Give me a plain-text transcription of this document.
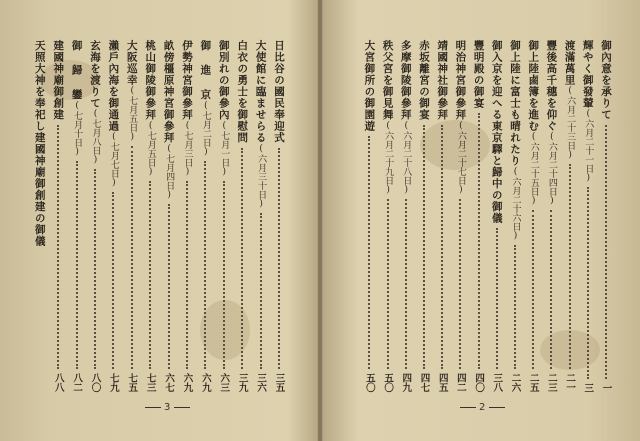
3
日比谷の國民奉迎式
三五
大使館に臨ませらる
(六月三十日)
三六
白衣の勇士を御慰問
三九
御別れの御參內
(七月一日)
六三
御 進 京
(七月二日)
六九
伊勢神宮御參拜
(七月三日)
六九
畝傍橿原神宮御參拜
(七月四日)
六七
桃山御陵御參拜
(七月五日)
七三
大阪巡幸
(七月五日)
七五
瀨戶內海を御通過
(七月七日)
七九
玄海を渡りて
(七月八日)
八〇
御 歸 鑾
(七月十日)
八二
建國神廟御創建
八八
天照大神を奉祀し建國神廟御創建の御儀
2
御內意を承りて
一
輝やく御發輦
(六月二十一日)
三
渡滿萬里
(六月二十三日)
二一
豐後高千穗を仰ぐ
(六月二十四日)
二三
御上陸鹵簿を進む
(六月二十五日)
二五
御上陸に富士も晴れたり
(六月二十六日)
二六
御入京を迎へる東京驛と歸中の御儀
三八
豐明殿の御宴
四〇
明治神宮御參拜
(六月二十七日)
四二
靖國神社御參拜
四五
赤坂離宮の御宴
四七
多摩御陵御參拜
(六月二十八日)
四九
秩父宮を御見舞
(六月二十九日)
五〇
大宮御所の御園遊
五〇
